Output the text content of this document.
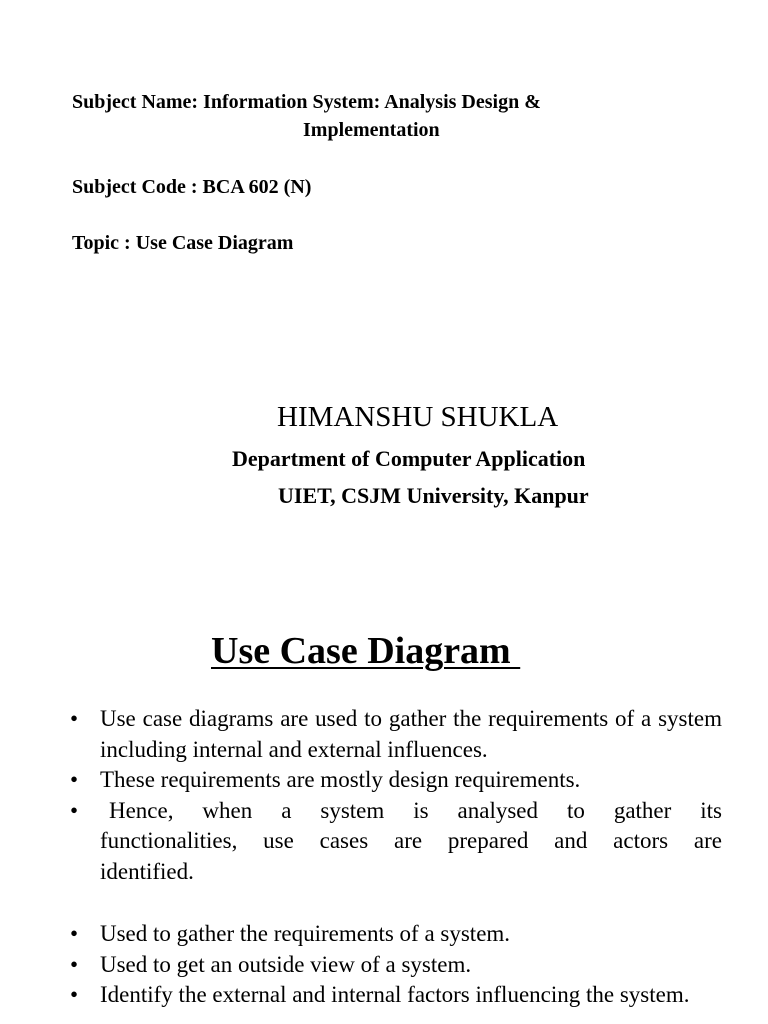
Subject Name: Information System: Analysis Design &
Implementation
Subject Code : BCA 602 (N)
Topic : Use Case Diagram
HIMANSHU SHUKLA
Department of Computer Application
UIET, CSJM University, Kanpur
Use Case Diagram
• Use case diagrams are used to gather the requirements of a system including internal and external influences.
• These requirements are mostly design requirements.
• Hence, when a system is analysed to gather its functionalities, use cases are prepared and actors are identified.
• Used to gather the requirements of a system.
• Used to get an outside view of a system.
• Identify the external and internal factors influencing the system.
